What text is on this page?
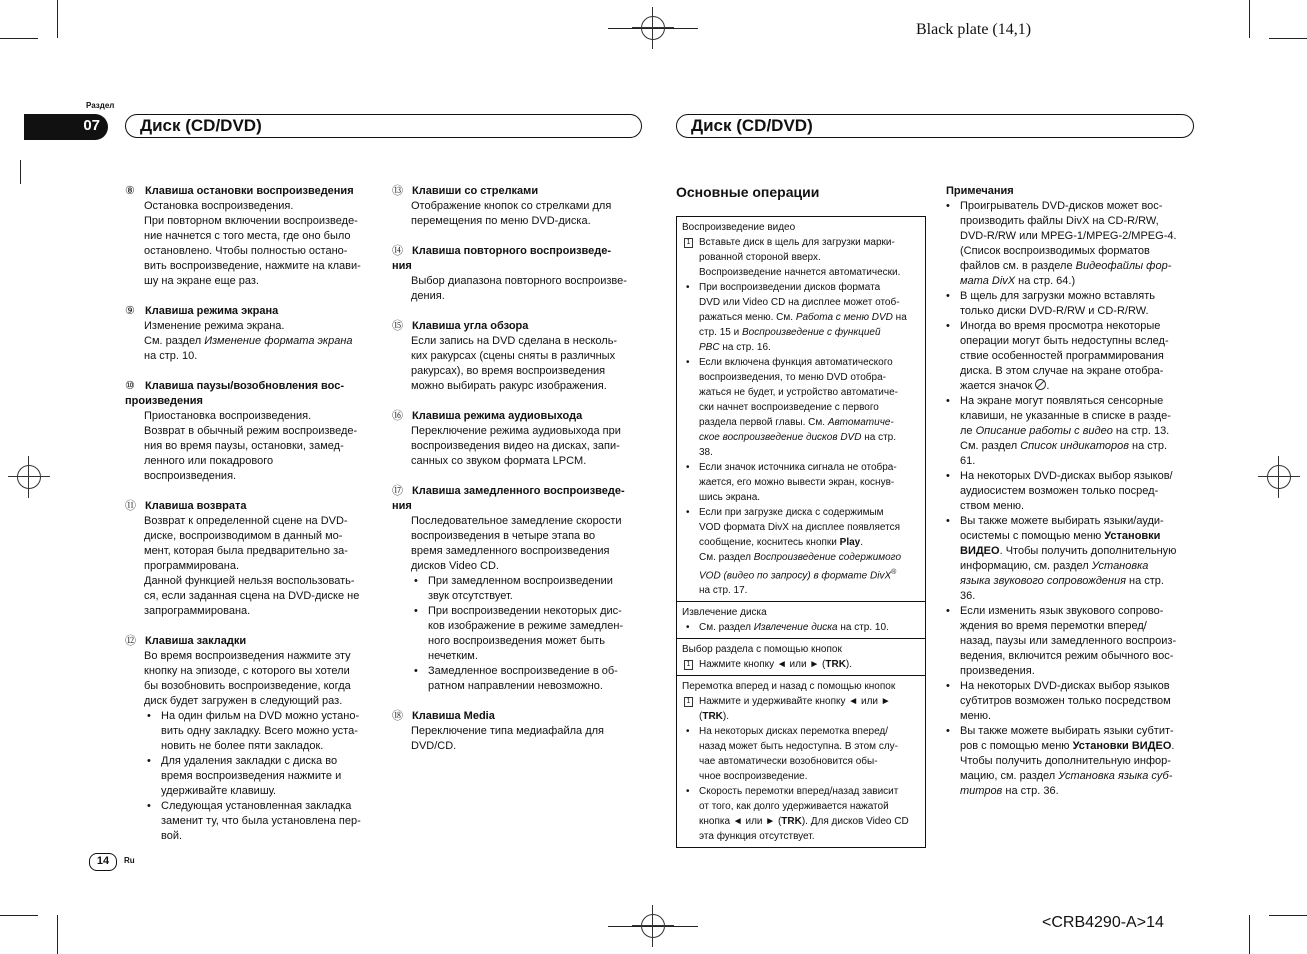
Black plate (14,1)
<CRB4290-A>14
Раздел
07	Диск (CD/DVD)	Диск (CD/DVD)
14	Ru

⑧ Клавиша остановки воспроизведения

Остановка воспроизведения.

При повторном включении воспроизведе-

ние начнется с того места, где оно было

остановлено. Чтобы полностью остано-

вить воспроизведение, нажмите на клави-

шу на экране еще раз.

⑨ Клавиша режима экрана

Изменение режима экрана.

См. раздел Изменение формата экрана

на стр. 10.

⑩ Клавиша паузы/возобновления вос-

произведения

Приостановка воспроизведения.

Возврат в обычный режим воспроизведе-

ния во время паузы, остановки, замед-

ленного или покадрового

воспроизведения.

⑪ Клавиша возврата

Возврат к определенной сцене на DVD-

диске, воспроизводимом в данный мо-

мент, которая была предварительно за-

программирована.

Данной функцией нельзя воспользовать-

ся, если заданная сцена на DVD-диске не

запрограммирована.

⑫ Клавиша закладки

Во время воспроизведения нажмите эту

кнопку на эпизоде, с которого вы хотели

бы возобновить воспроизведение, когда

диск будет загружен в следующий раз.

• На один фильм на DVD можно устано-

вить одну закладку. Всего можно уста-

новить не более пяти закладок.

• Для удаления закладки с диска во

время воспроизведения нажмите и

удерживайте клавишу.

• Следующая установленная закладка

заменит ту, что была установлена пер-

вой.

⑬ Клавиши со стрелками

Отображение кнопок со стрелками для

перемещения по меню DVD-диска.

⑭ Клавиша повторного воспроизведе-

ния

Выбор диапазона повторного воспроизве-

дения.

⑮ Клавиша угла обзора

Если запись на DVD сделана в несколь-

ких ракурсах (сцены сняты в различных

ракурсах), во время воспроизведения

можно выбирать ракурс изображения.

⑯ Клавиша режима аудиовыхода

Переключение режима аудиовыхода при

воспроизведения видео на дисках, запи-

санных со звуком формата LPCM.

⑰ Клавиша замедленного воспроизведе-

ния

Последовательное замедление скорости

воспроизведения в четыре этапа во

время замедленного воспроизведения

дисков Video CD.

• При замедленном воспроизведении

звук отсутствует.

• При воспроизведении некоторых дис-

ков изображение в режиме замедлен-

ного воспроизведения может быть

нечетким.

• Замедленное воспроизведение в об-

ратном направлении невозможно.

⑱ Клавиша Media

Переключение типа медиафайла для

DVD/CD.

Основные операции

Воспроизведение видео

1 Вставьте диск в щель для загрузки марки-

рованной стороной вверх.

Воспроизведение начнется автоматически.

• При воспроизведении дисков формата

DVD или Video CD на дисплее может отоб-

ражаться меню. См. Работа с меню DVD на

стр. 15 и Воспроизведение с функцией

PBC на стр. 16.

• Если включена функция автоматического

воспроизведения, то меню DVD отобра-

жаться не будет, и устройство автоматиче-

ски начнет воспроизведение с первого

раздела первой главы. См. Автоматиче-

ское воспроизведение дисков DVD на стр.

38.

• Если значок источника сигнала не отобра-

жается, его можно вывести экран, коснув-

шись экрана.

• Если при загрузке диска с содержимым

VOD формата DivX на дисплее появляется

сообщение, коснитесь кнопки Play.

См. раздел Воспроизведение содержимого

VOD (видео по запросу) в формате DivX®

на стр. 17.

Извлечение диска

• См. раздел Извлечение диска на стр. 10.

Выбор раздела с помощью кнопок

1 Нажмите кнопку ◄ или ► (TRK).

Перемотка вперед и назад с помощью кнопок

1 Нажмите и удерживайте кнопку ◄ или ►

(TRK).

• На некоторых дисках перемотка вперед/

назад может быть недоступна. В этом слу-

чае автоматически возобновится обы-

чное воспроизведение.

• Скорость перемотки вперед/назад зависит

от того, как долго удерживается нажатой

кнопка ◄ или ► (TRK). Для дисков Video CD

эта функция отсутствует.

Примечания

• Проигрыватель DVD-дисков может вос-

производить файлы DivX на CD-R/RW,

DVD-R/RW или MPEG-1/MPEG-2/MPEG-4.

(Список воспроизводимых форматов

файлов см. в разделе Видеофайлы фор-

мата DivX на стр. 64.)

• В щель для загрузки можно вставлять

только диски DVD-R/RW и CD-R/RW.

• Иногда во время просмотра некоторые

операции могут быть недоступны вслед-

ствие особенностей программирования

диска. В этом случае на экране отобра-

жается значок
.

• На экране могут появляться сенсорные

клавиши, не указанные в списке в разде-

ле Описание работы с видео на стр. 13.

См. раздел Список индикаторов на стр.

61.

• На некоторых DVD-дисках выбор языков/

аудиосистем возможен только посред-

ством меню.

• Вы также можете выбирать языки/ауди-

осистемы с помощью меню Установки

ВИДЕО. Чтобы получить дополнительную

информацию, см. раздел Установка

языка звукового сопровождения на стр.

36.

• Если изменить язык звукового сопрово-

ждения во время перемотки вперед/

назад, паузы или замедленного воспроиз-

ведения, включится режим обычного вос-

произведения.

• На некоторых DVD-дисках выбор языков

субтитров возможен только посредством

меню.

• Вы также можете выбирать языки субтит-

ров с помощью меню Установки ВИДЕО.

Чтобы получить дополнительную инфор-

мацию, см. раздел Установка языка суб-

титров на стр. 36.
